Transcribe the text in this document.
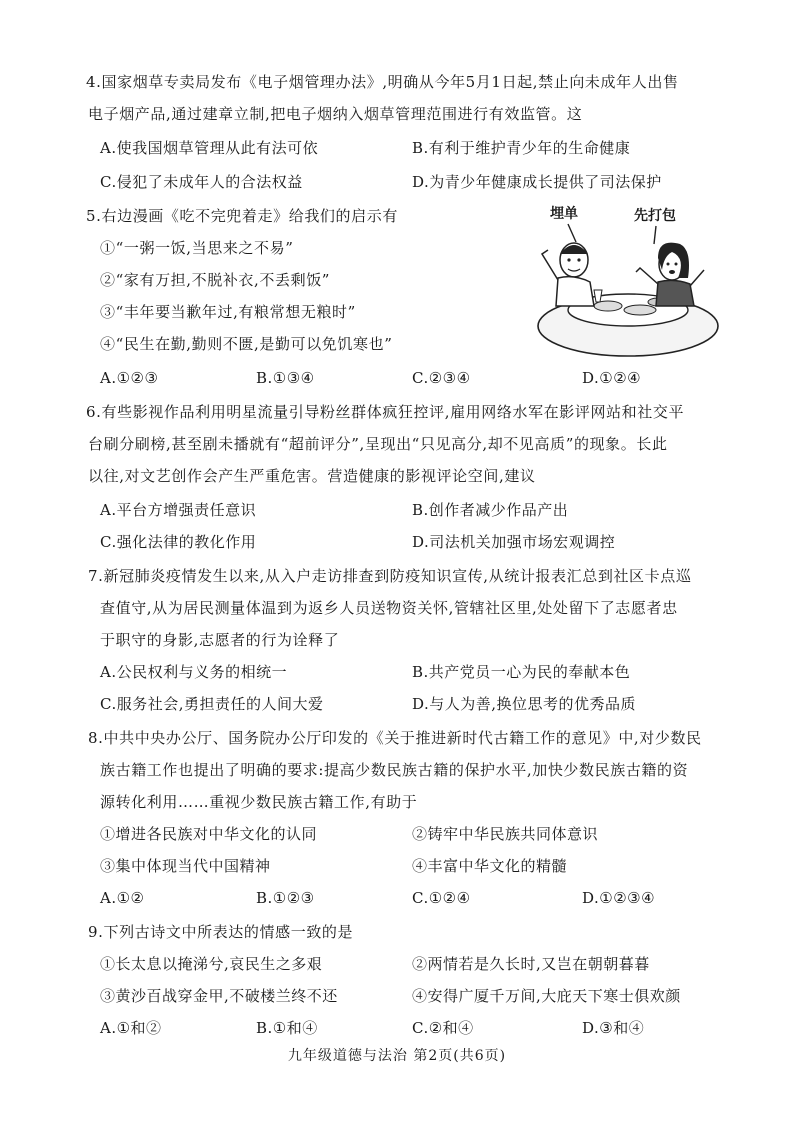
4.国家烟草专卖局发布《电子烟管理办法》,明确从今年5月1日起,禁止向未成年人出售
电子烟产品,通过建章立制,把电子烟纳入烟草管理范围进行有效监管。这
A.使我国烟草管理从此有法可依	B.有利于维护青少年的生命健康
C.侵犯了未成年人的合法权益	D.为青少年健康成长提供了司法保护
5.右边漫画《吃不完兜着走》给我们的启示有
①“一粥一饭,当思来之不易”
②“家有万担,不脱补衣,不丢剩饭”
③“丰年要当歉年过,有粮常想无粮时”
④“民生在勤,勤则不匮,是勤可以免饥寒也”
A.①②③	B.①③④	C.②③④	D.①②④
埋单	先打包
6.有些影视作品利用明星流量引导粉丝群体疯狂控评,雇用网络水军在影评网站和社交平
台刷分刷榜,甚至剧未播就有“超前评分”,呈现出“只见高分,却不见高质”的现象。长此
以往,对文艺创作会产生严重危害。营造健康的影视评论空间,建议
A.平台方增强责任意识	B.创作者减少作品产出
C.强化法律的教化作用	D.司法机关加强市场宏观调控
7.新冠肺炎疫情发生以来,从入户走访排查到防疫知识宣传,从统计报表汇总到社区卡点巡
查值守,从为居民测量体温到为返乡人员送物资关怀,管辖社区里,处处留下了志愿者忠
于职守的身影,志愿者的行为诠释了
A.公民权利与义务的相统一	B.共产党员一心为民的奉献本色
C.服务社会,勇担责任的人间大爱	D.与人为善,换位思考的优秀品质
8.中共中央办公厅、国务院办公厅印发的《关于推进新时代古籍工作的意见》中,对少数民
族古籍工作也提出了明确的要求:提高少数民族古籍的保护水平,加快少数民族古籍的资
源转化利用……重视少数民族古籍工作,有助于
①增进各民族对中华文化的认同	②铸牢中华民族共同体意识
③集中体现当代中国精神	④丰富中华文化的精髓
A.①②	B.①②③	C.①②④	D.①②③④
9.下列古诗文中所表达的情感一致的是
①长太息以掩涕兮,哀民生之多艰	②两情若是久长时,又岂在朝朝暮暮
③黄沙百战穿金甲,不破楼兰终不还	④安得广厦千万间,大庇天下寒士俱欢颜
A.①和②	B.①和④	C.②和④	D.③和④
九年级道德与法治 第2页(共6页)
